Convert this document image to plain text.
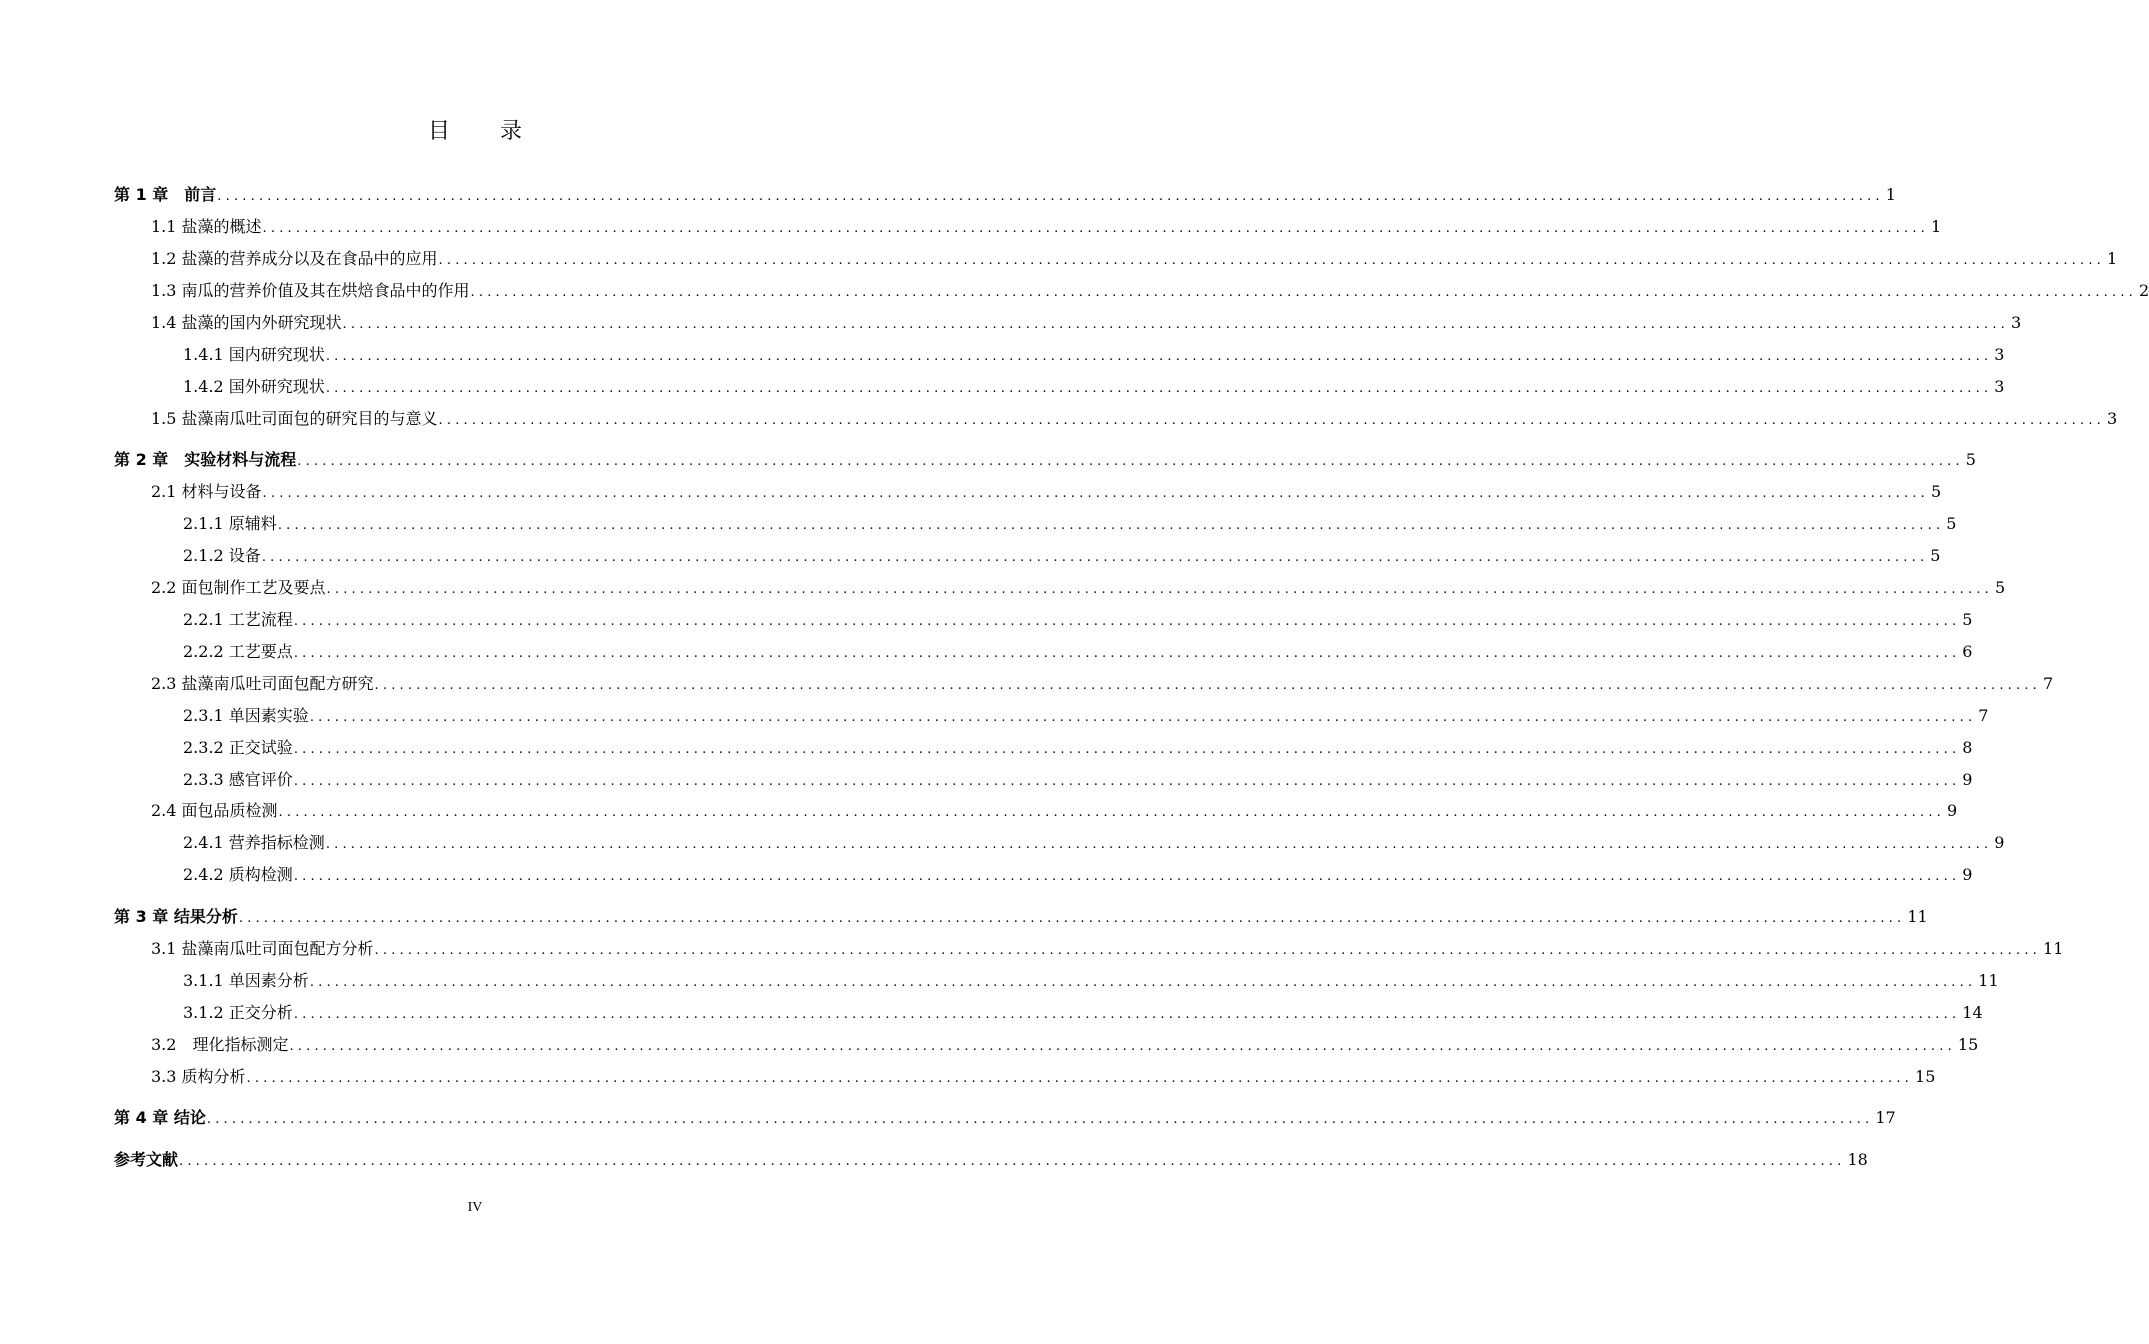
目 录
第 1 章　前言 ........................................................................................................................................................................................................ 1
1.1 盐藻的概述 ........................................................................................................................................................................................................ 1
1.2 盐藻的营养成分以及在食品中的应用 ........................................................................................................................................................................................................ 1
1.3 南瓜的营养价值及其在烘焙食品中的作用 ........................................................................................................................................................................................................ 2
1.4 盐藻的国内外研究现状 ........................................................................................................................................................................................................ 3
1.4.1 国内研究现状 ........................................................................................................................................................................................................ 3
1.4.2 国外研究现状 ........................................................................................................................................................................................................ 3
1.5 盐藻南瓜吐司面包的研究目的与意义 ........................................................................................................................................................................................................ 3
第 2 章　实验材料与流程 ........................................................................................................................................................................................................ 5
2.1 材料与设备 ........................................................................................................................................................................................................ 5
2.1.1 原辅料 ........................................................................................................................................................................................................ 5
2.1.2 设备 ........................................................................................................................................................................................................ 5
2.2 面包制作工艺及要点 ........................................................................................................................................................................................................ 5
2.2.1 工艺流程 ........................................................................................................................................................................................................ 5
2.2.2 工艺要点 ........................................................................................................................................................................................................ 6
2.3 盐藻南瓜吐司面包配方研究 ........................................................................................................................................................................................................ 7
2.3.1 单因素实验 ........................................................................................................................................................................................................ 7
2.3.2 正交试验 ........................................................................................................................................................................................................ 8
2.3.3 感官评价 ........................................................................................................................................................................................................ 9
2.4 面包品质检测 ........................................................................................................................................................................................................ 9
2.4.1 营养指标检测 ........................................................................................................................................................................................................ 9
2.4.2 质构检测 ........................................................................................................................................................................................................ 9
第 3 章 结果分析 ........................................................................................................................................................................................................ 11
3.1 盐藻南瓜吐司面包配方分析 ........................................................................................................................................................................................................ 11
3.1.1 单因素分析 ........................................................................................................................................................................................................ 11
3.1.2 正交分析 ........................................................................................................................................................................................................ 14
3.2　理化指标测定 ........................................................................................................................................................................................................ 15
3.3 质构分析 ........................................................................................................................................................................................................ 15
第 4 章 结论 ........................................................................................................................................................................................................ 17
参考文献 ........................................................................................................................................................................................................ 18
IV
